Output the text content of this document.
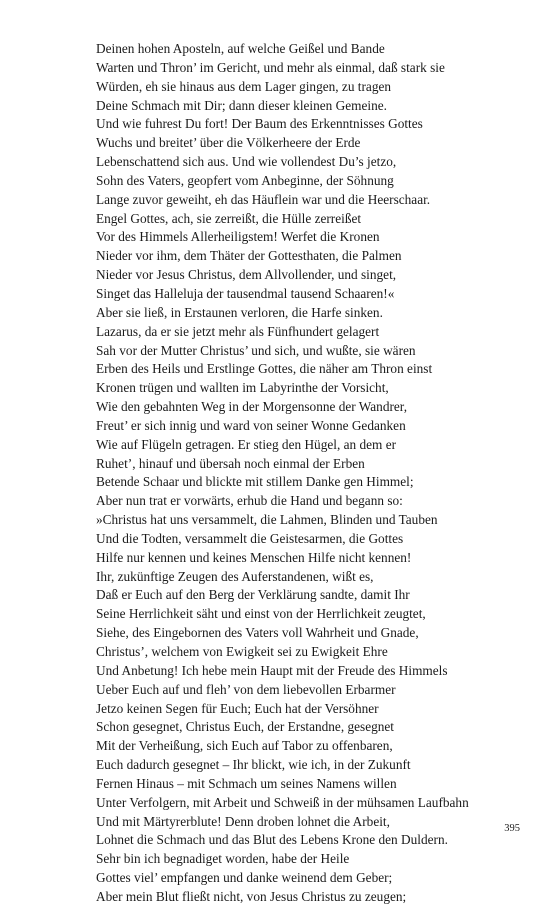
Deinen hohen Aposteln, auf welche Geißel und Bande
Warten und Thron’ im Gericht, und mehr als einmal, daß stark sie
Würden, eh sie hinaus aus dem Lager gingen, zu tragen
Deine Schmach mit Dir; dann dieser kleinen Gemeine.
Und wie fuhrest Du fort! Der Baum des Erkenntnisses Gottes
Wuchs und breitet’ über die Völkerheere der Erde
Lebenschattend sich aus. Und wie vollendest Du’s jetzo,
Sohn des Vaters, geopfert vom Anbeginne, der Söhnung
Lange zuvor geweiht, eh das Häuflein war und die Heerschaar.
Engel Gottes, ach, sie zerreißt, die Hülle zerreißet
Vor des Himmels Allerheiligstem! Werfet die Kronen
Nieder vor ihm, dem Thäter der Gottesthaten, die Palmen
Nieder vor Jesus Christus, dem Allvollender, und singet,
Singet das Halleluja der tausendmal tausend Schaaren!«
Aber sie ließ, in Erstaunen verloren, die Harfe sinken.
Lazarus, da er sie jetzt mehr als Fünfhundert gelagert
Sah vor der Mutter Christus’ und sich, und wußte, sie wären
Erben des Heils und Erstlinge Gottes, die näher am Thron einst
Kronen trügen und wallten im Labyrinthe der Vorsicht,
Wie den gebahnten Weg in der Morgensonne der Wandrer,
Freut’ er sich innig und ward von seiner Wonne Gedanken
Wie auf Flügeln getragen. Er stieg den Hügel, an dem er
Ruhet’, hinauf und übersah noch einmal der Erben
Betende Schaar und blickte mit stillem Danke gen Himmel;
Aber nun trat er vorwärts, erhub die Hand und begann so:
»Christus hat uns versammelt, die Lahmen, Blinden und Tauben
Und die Todten, versammelt die Geistesarmen, die Gottes
Hilfe nur kennen und keines Menschen Hilfe nicht kennen!
Ihr, zukünftige Zeugen des Auferstandenen, wißt es,
Daß er Euch auf den Berg der Verklärung sandte, damit Ihr
Seine Herrlichkeit säht und einst von der Herrlichkeit zeugtet,
Siehe, des Eingebornen des Vaters voll Wahrheit und Gnade,
Christus’, welchem von Ewigkeit sei zu Ewigkeit Ehre
Und Anbetung! Ich hebe mein Haupt mit der Freude des Himmels
Ueber Euch auf und fleh’ von dem liebevollen Erbarmer
Jetzo keinen Segen für Euch; Euch hat der Versöhner
Schon gesegnet, Christus Euch, der Erstandne, gesegnet
Mit der Verheißung, sich Euch auf Tabor zu offenbaren,
Euch dadurch gesegnet – Ihr blickt, wie ich, in der Zukunft
Fernen Hinaus – mit Schmach um seines Namens willen
Unter Verfolgern, mit Arbeit und Schweiß in der mühsamen Laufbahn
Und mit Märtyrerblute! Denn droben lohnet die Arbeit,
Lohnet die Schmach und das Blut des Lebens Krone den Duldern.
Sehr bin ich begnadiget worden, habe der Heile
Gottes viel’ empfangen und danke weinend dem Geber;
Aber mein Blut fließt nicht, von Jesus Christus zu zeugen;
395
